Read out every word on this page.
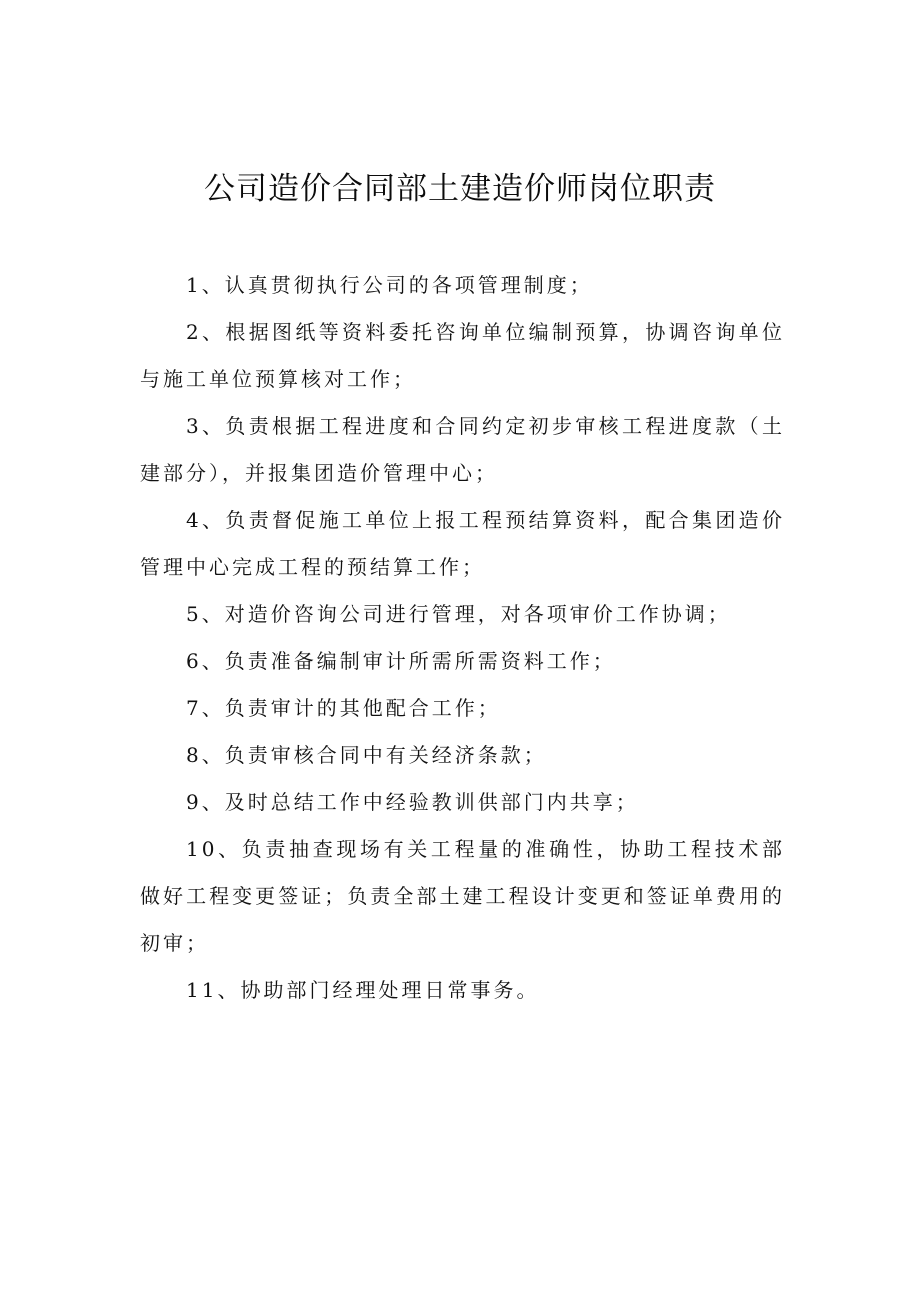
公司造价合同部土建造价师岗位职责

1、认真贯彻执行公司的各项管理制度；

2、根据图纸等资料委托咨询单位编制预算，协调咨询单位与施工单位预算核对工作；

3、负责根据工程进度和合同约定初步审核工程进度款（土 建部分），并报集团造价管理中心；

4、负责督促施工单位上报工程预结算资料，配合集团造价管理中心完成工程的预结算工作；

5、对造价咨询公司进行管理，对各项审价工作协调；

6、负责准备编制审计所需所需资料工作；

7、负责审计的其他配合工作；

8、负责审核合同中有关经济条款；

9、及时总结工作中经验教训供部门内共享；

10、负责抽查现场有关工程量的准确性，协助工程技术部做好工程变更签证；负责全部土建工程设计变更和签证单费用的初审；

11、协助部门经理处理日常事务。
